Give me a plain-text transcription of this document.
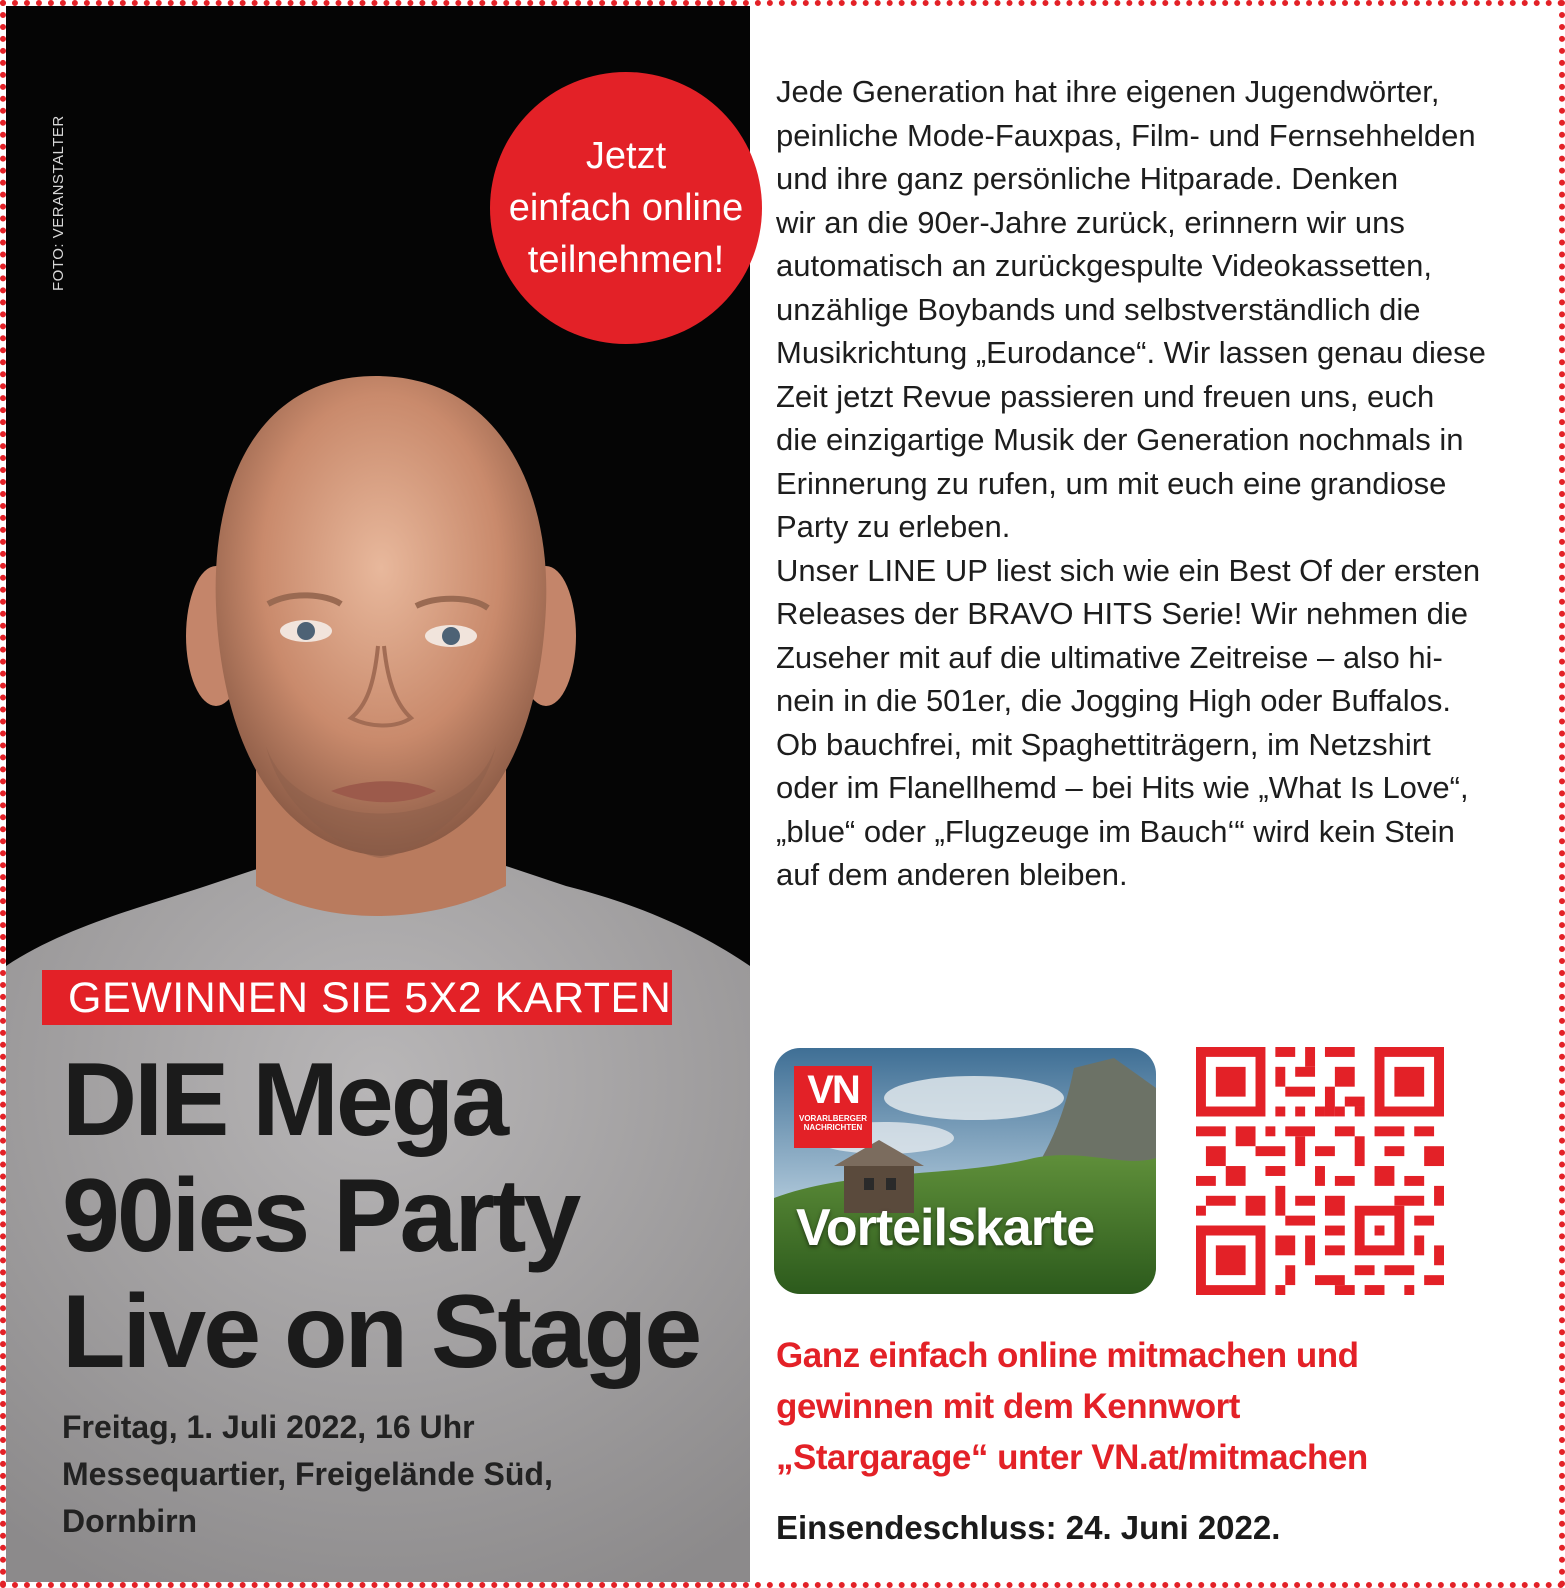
FOTO: VERANSTALTER
GEWINNEN SIE 5X2 KARTEN
DIE Mega
90ies Party
Live on Stage
Freitag, 1. Juli 2022, 16 Uhr
Messequartier, Freigelände Süd,
Dornbirn
Jetzt
einfach online
teilnehmen!
Jede Generation hat ihre eigenen Jugendwörter,
peinliche Mode-Fauxpas, Film- und Fernsehhelden
und ihre ganz persönliche Hitparade. Denken
wir an die 90er-Jahre zurück, erinnern wir uns
automatisch an zurückgespulte Videokassetten,
unzählige Boybands und selbstverständlich die
Musikrichtung „Eurodance“. Wir lassen genau diese
Zeit jetzt Revue passieren und freuen uns, euch
die einzigartige Musik der Generation nochmals in
Erinnerung zu rufen, um mit euch eine grandiose
Party zu erleben.
Unser LINE UP liest sich wie ein Best Of der ersten
Releases der BRAVO HITS Serie! Wir nehmen die
Zuseher mit auf die ultimative Zeitreise – also hi-
nein in die 501er, die Jogging High oder Buffalos.
Ob bauchfrei, mit Spaghettiträgern, im Netzshirt
oder im Flanellhemd – bei Hits wie „What Is Love“,
„blue“ oder „Flugzeuge im Bauch‘“ wird kein Stein
auf dem anderen bleiben.
VN
VORARLBERGER
NACHRICHTEN
Vorteilskarte
Ganz einfach online mitmachen und
gewinnen mit dem Kennwort
„Stargarage“ unter VN.at/mitmachen
Einsendeschluss: 24. Juni 2022.
